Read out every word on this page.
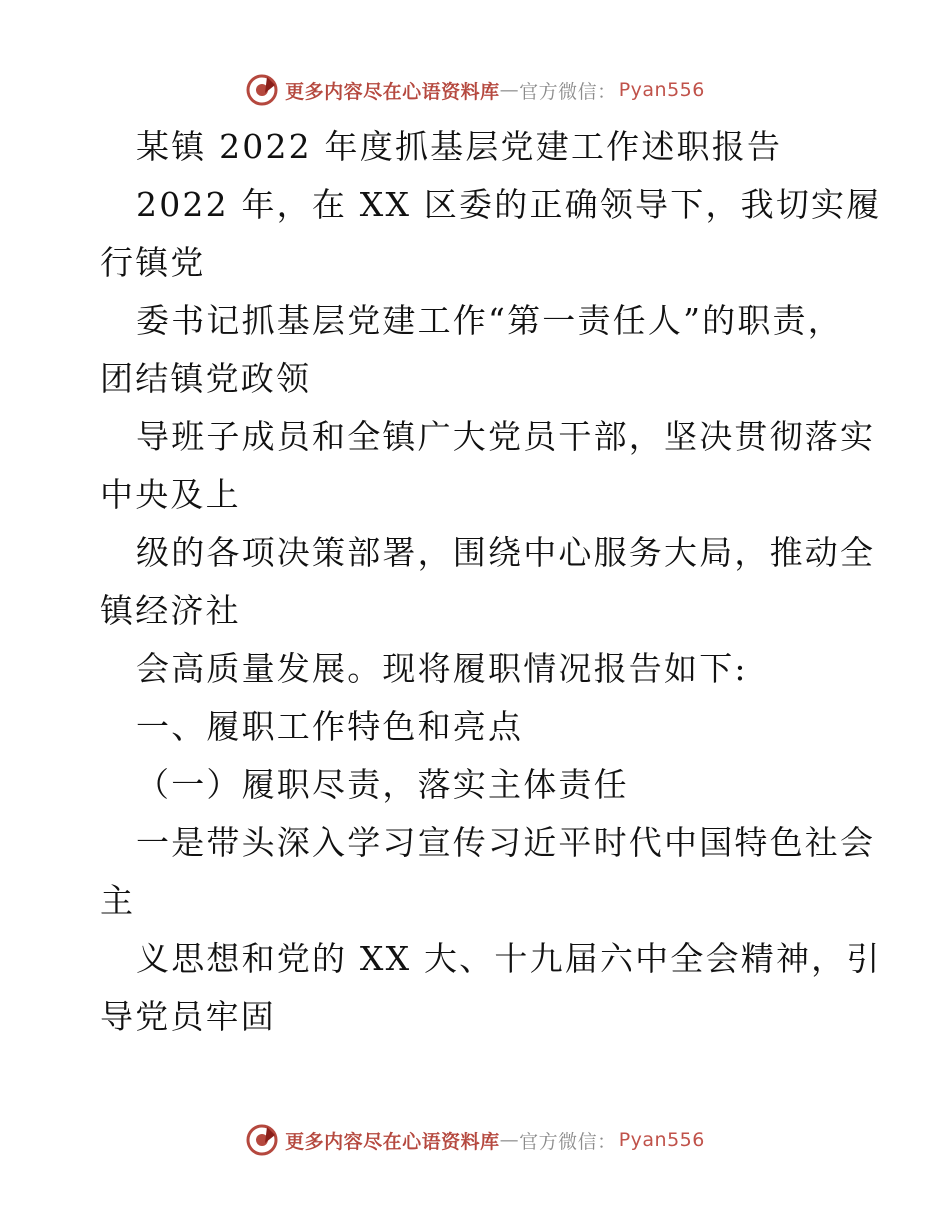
更多内容尽在心语资料库 — 官方微信： Pyan556
某镇 2022 年度抓基层党建工作述职报告
2022 年，在 XX 区委的正确领导下，我切实履
行镇党
委书记抓基层党建工作“第一责任人”的职责，
团结镇党政领
导班子成员和全镇广大党员干部，坚决贯彻落实
中央及上
级的各项决策部署，围绕中心服务大局，推动全
镇经济社
会高质量发展。现将履职情况报告如下:
一、履职工作特色和亮点
（一）履职尽责，落实主体责任
一是带头深入学习宣传习近平时代中国特色社会
主
义思想和党的 XX 大、十九届六中全会精神，引
导党员牢固
更多内容尽在心语资料库 — 官方微信： Pyan556
